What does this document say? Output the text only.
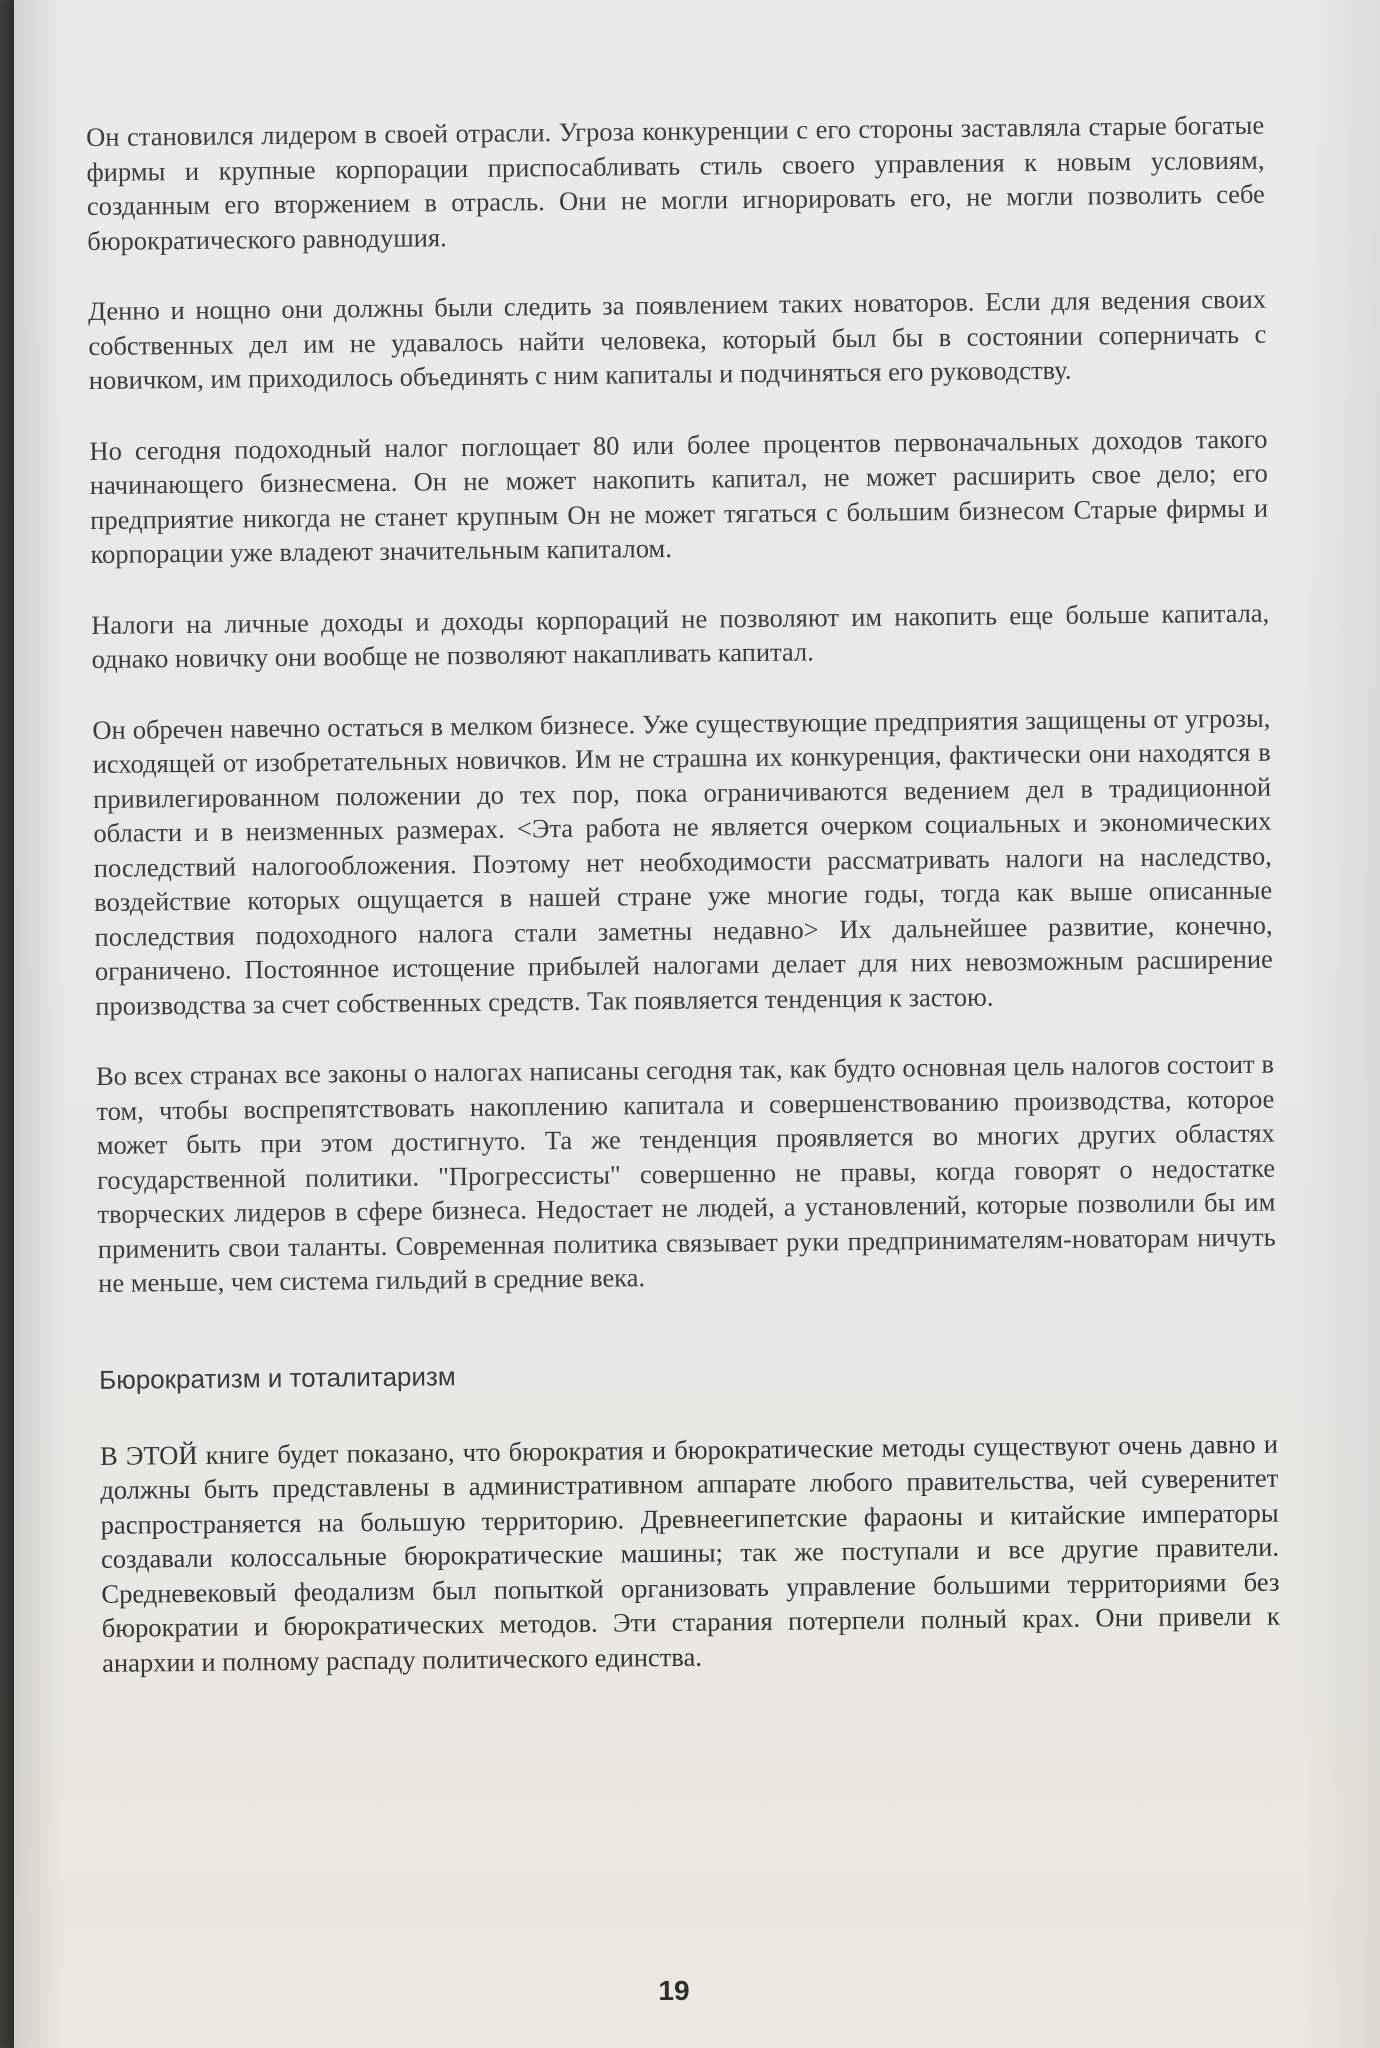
Он становился лидером в своей отрасли. Угроза конкуренции с его стороны заставляла старые богатые фирмы и крупные корпорации приспосабливать стиль своего управления к новым условиям, созданным его вторжением в отрасль. Они не могли игнорировать его, не могли позволить себе бюрократического равнодушия.

Денно и нощно они должны были следить за появлением таких новаторов. Если для ведения своих собственных дел им не удавалось найти человека, который был бы в состоянии соперничать с новичком, им приходилось объединять с ним капиталы и подчиняться его руководству.

Но сегодня подоходный налог поглощает 80 или более процентов первоначальных доходов такого начинающего бизнесмена. Он не может накопить капитал, не может расширить свое дело; его предприятие никогда не станет крупным Он не может тягаться с большим бизнесом Старые фирмы и корпорации уже владеют значительным капиталом.

Налоги на личные доходы и доходы корпораций не позволяют им накопить еще больше капитала, однако новичку они вообще не позволяют накапливать капитал.

Он обречен навечно остаться в мелком бизнесе. Уже существующие предприятия защищены от угрозы, исходящей от изобретательных новичков. Им не страшна их конкуренция, фактически они находятся в привилегированном положении до тех пор, пока ограничиваются ведением дел в традиционной области и в неизменных размерах. <Эта работа не является очерком социальных и экономических последствий налогообложения. Поэтому нет необходимости рассматривать налоги на наследство, воздействие которых ощущается в нашей стране уже многие годы, тогда как выше описанные последствия подоходного налога стали заметны недавно> Их дальнейшее развитие, конечно, ограничено. Постоянное истощение прибылей налогами делает для них невозможным расширение производства за счет собственных средств. Так появляется тенденция к застою.

Во всех странах все законы о налогах написаны сегодня так, как будто основная цель налогов состоит в том, чтобы воспрепятствовать накоплению капитала и совершенствованию производства, которое может быть при этом достигнуто. Та же тенденция проявляется во многих других областях государственной политики. "Прогрессисты" совершенно не правы, когда говорят о недостатке творческих лидеров в сфере бизнеса. Недостает не людей, а установлений, которые позволили бы им применить свои таланты. Современная политика связывает руки предпринимателям-новаторам ничуть не меньше, чем система гильдий в средние века.

Бюрократизм и тоталитаризм

В ЭТОЙ книге будет показано, что бюрократия и бюрократические методы существуют очень давно и должны быть представлены в административном аппарате любого правительства, чей суверенитет распространяется на большую территорию. Древнеегипетские фараоны и китайские императоры создавали колоссальные бюрократические машины; так же поступали и все другие правители. Средневековый феодализм был попыткой организовать управление большими территориями без бюрократии и бюрократических методов. Эти старания потерпели полный крах. Они привели к анархии и полному распаду политического единства.

19
